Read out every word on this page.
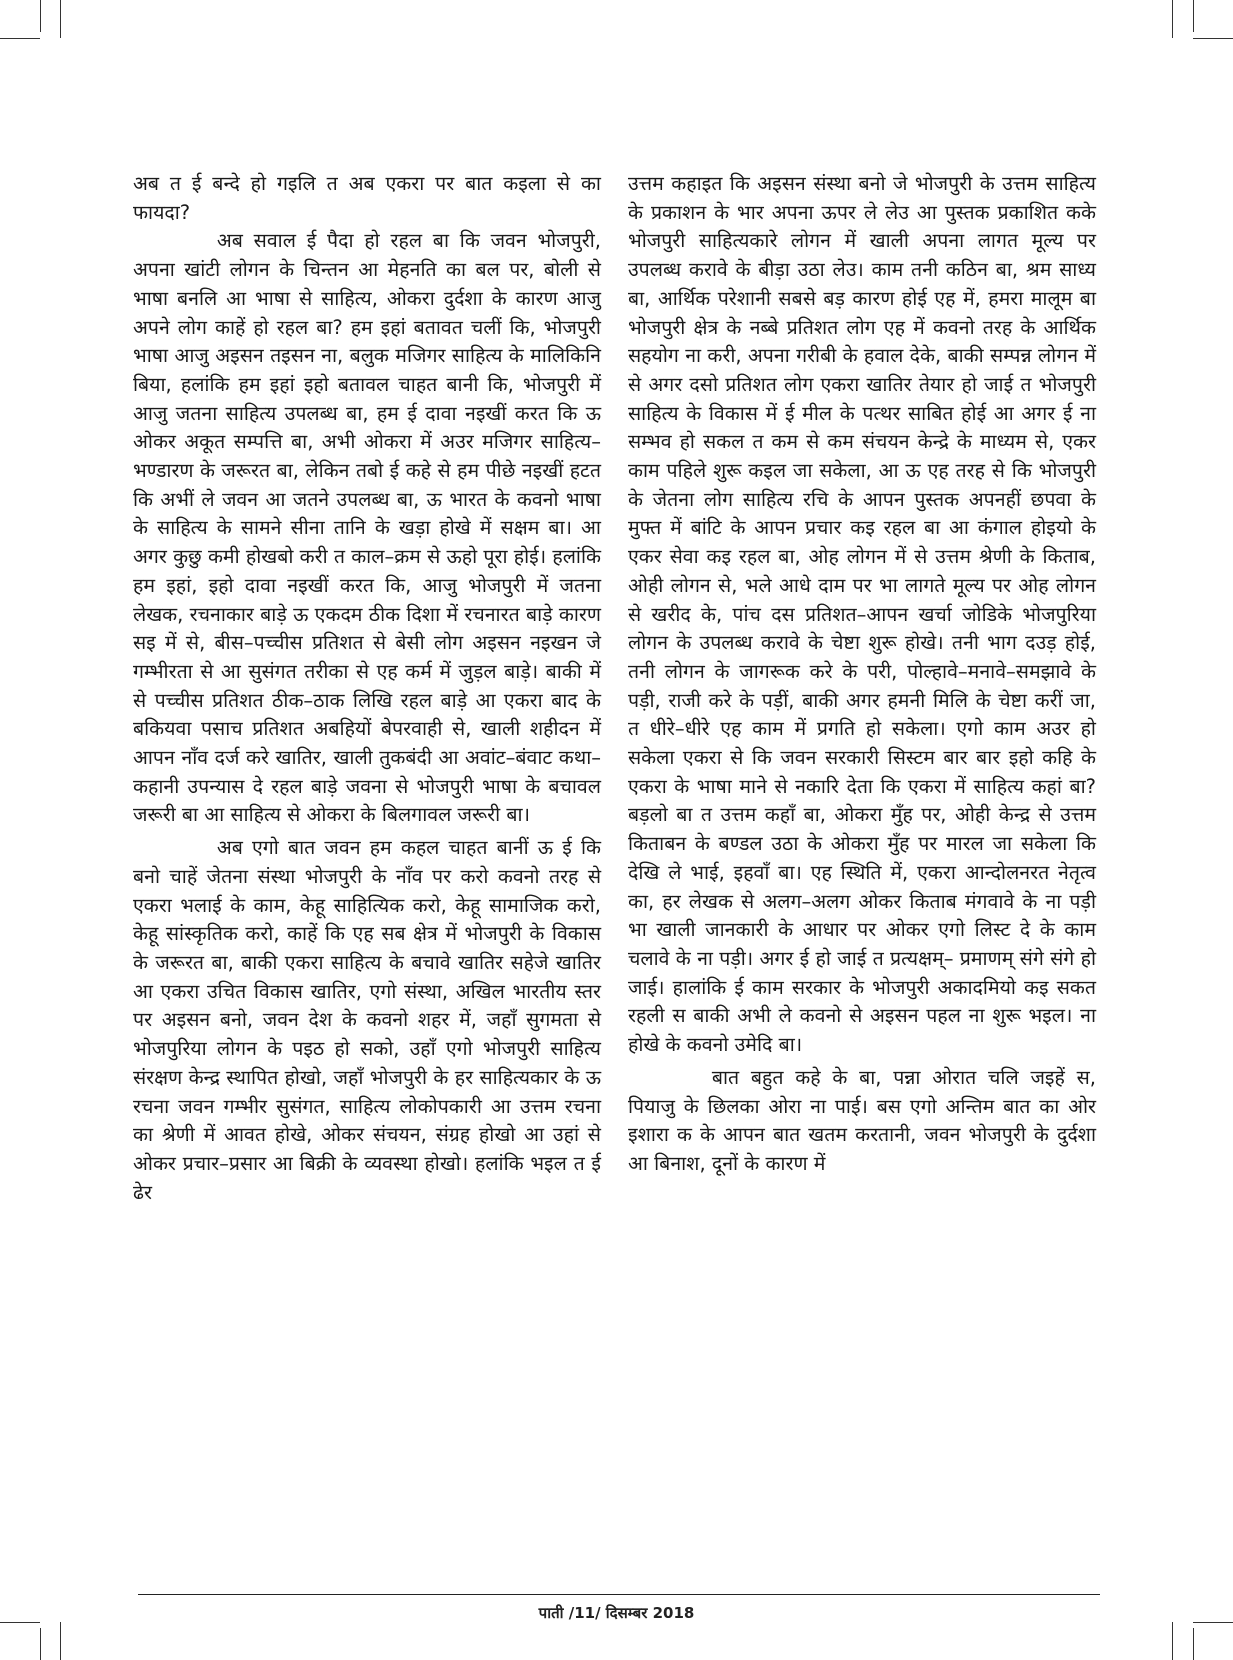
अब त ई बन्दे हो गइलि त अब एकरा पर बात कइला से का फायदा?

अब सवाल ई पैदा हो रहल बा कि जवन भोजपुरी, अपना खांटी लोगन के चिन्तन आ मेहनति का बल पर, बोली से भाषा बनलि आ भाषा से साहित्य, ओकरा दुर्दशा के कारण आजु अपने लोग काहें हो रहल बा? हम इहां बतावत चलीं कि, भोजपुरी भाषा आजु अइसन तइसन ना, बलुक मजिगर साहित्य के मालिकिनि बिया, हलांकि हम इहां इहो बतावल चाहत बानी कि, भोजपुरी में आजु जतना साहित्य उपलब्ध बा, हम ई दावा नइखीं करत कि ऊ ओकर अकूत सम्पत्ति बा, अभी ओकरा में अउर मजिगर साहित्य– भण्डारण के जरूरत बा, लेकिन तबो ई कहे से हम पीछे नइखीं हटत कि अभीं ले जवन आ जतने उपलब्ध बा, ऊ भारत के कवनो भाषा के साहित्य के सामने सीना तानि के खड़ा होखे में सक्षम बा। आ अगर कुछु कमी होखबो करी त काल–क्रम से ऊहो पूरा होई। हलांकि हम इहां, इहो दावा नइखीं करत कि, आजु भोजपुरी में जतना लेखक, रचनाकार बाड़े ऊ एकदम ठीक दिशा में रचनारत बाड़े कारण सइ में से, बीस–पच्चीस प्रतिशत से बेसी लोग अइसन नइखन जे गम्भीरता से आ सुसंगत तरीका से एह कर्म में जुड़ल बाड़े। बाकी में से पच्चीस प्रतिशत ठीक–ठाक लिखि रहल बाड़े आ एकरा बाद के बकियवा पसाच प्रतिशत अबहियों बेपरवाही से, खाली शहीदन में आपन नाँव दर्ज करे खातिर, खाली तुकबंदी आ अवांट–बंवाट कथा–कहानी उपन्यास दे रहल बाड़े जवना से भोजपुरी भाषा के बचावल जरूरी बा आ साहित्य से ओकरा के बिलगावल जरूरी बा।

अब एगो बात जवन हम कहल चाहत बानीं ऊ ई कि बनो चाहें जेतना संस्था भोजपुरी के नाँव पर करो कवनो तरह से एकरा भलाई के काम, केहू साहित्यिक करो, केहू सामाजिक करो, केहू सांस्कृतिक करो, काहें कि एह सब क्षेत्र में भोजपुरी के विकास के जरूरत बा, बाकी एकरा साहित्य के बचावे खातिर सहेजे खातिर आ एकरा उचित विकास खातिर, एगो संस्था, अखिल भारतीय स्तर पर अइसन बनो, जवन देश के कवनो शहर में, जहाँ सुगमता से भोजपुरिया लोगन के पइठ हो सको, उहाँ एगो भोजपुरी साहित्य संरक्षण केन्द्र स्थापित होखो, जहाँ भोजपुरी के हर साहित्यकार के ऊ रचना जवन गम्भीर सुसंगत, साहित्य लोकोपकारी आ उत्तम रचना का श्रेणी में आवत होखे, ओकर संचयन, संग्रह होखो आ उहां से ओकर प्रचार–प्रसार आ बिक्री के व्यवस्था होखो। हलांकि भइल त ई ढेर

उत्तम कहाइत कि अइसन संस्था बनो जे भोजपुरी के उत्तम साहित्य के प्रकाशन के भार अपना ऊपर ले लेउ आ पुस्तक प्रकाशित कके भोजपुरी साहित्यकारे लोगन में खाली अपना लागत मूल्य पर उपलब्ध करावे के बीड़ा उठा लेउ। काम तनी कठिन बा, श्रम साध्य बा, आर्थिक परेशानी सबसे बड़ कारण होई एह में, हमरा मालूम बा भोजपुरी क्षेत्र के नब्बे प्रतिशत लोग एह में कवनो तरह के आर्थिक सहयोग ना करी, अपना गरीबी के हवाल देके, बाकी सम्पन्न लोगन में से अगर दसो प्रतिशत लोग एकरा खातिर तेयार हो जाई त भोजपुरी साहित्य के विकास में ई मील के पत्थर साबित होई आ अगर ई ना सम्भव हो सकल त कम से कम संचयन केन्द्रे के माध्यम से, एकर काम पहिले शुरू कइल जा सकेला, आ ऊ एह तरह से कि भोजपुरी के जेतना लोग साहित्य रचि के आपन पुस्तक अपनहीं छपवा के मुफ्त में बांटि के आपन प्रचार कइ रहल बा आ कंगाल होइयो के एकर सेवा कइ रहल बा, ओह लोगन में से उत्तम श्रेणी के किताब, ओही लोगन से, भले आधे दाम पर भा लागते मूल्य पर ओह लोगन से खरीद के, पांच दस प्रतिशत–आपन खर्चा जोडिके भोजपुरिया लोगन के उपलब्ध करावे के चेष्टा शुरू होखे। तनी भाग दउड़ होई, तनी लोगन के जागरूक करे के परी, पोल्हावे–मनावे–समझावे के पड़ी, राजी करे के पड़ीं, बाकी अगर हमनी मिलि के चेष्टा करीं जा, त धीरे–धीरे एह काम में प्रगति हो सकेला। एगो काम अउर हो सकेला एकरा से कि जवन सरकारी सिस्टम बार बार इहो कहि के एकरा के भाषा माने से नकारि देता कि एकरा में साहित्य कहां बा? बड़लो बा त उत्तम कहाँ बा, ओकरा मुँह पर, ओही केन्द्र से उत्तम किताबन के बण्डल उठा के ओकरा मुँह पर मारल जा सकेला कि देखि ले भाई, इहवाँ बा। एह स्थिति में, एकरा आन्दोलनरत नेतृत्व का, हर लेखक से अलग–अलग ओकर किताब मंगवावे के ना पड़ी भा खाली जानकारी के आधार पर ओकर एगो लिस्ट दे के काम चलावे के ना पड़ी। अगर ई हो जाई त प्रत्यक्षम्– प्रमाणम् संगे संगे हो जाई। हालांकि ई काम सरकार के भोजपुरी अकादमियो कइ सकत रहली स बाकी अभी ले कवनो से अइसन पहल ना शुरू भइल। ना होखे के कवनो उमेदि बा।

बात बहुत कहे के बा, पन्ना ओरात चलि जइहें स, पियाजु के छिलका ओरा ना पाई। बस एगो अन्तिम बात का ओर इशारा क के आपन बात खतम करतानी, जवन भोजपुरी के दुर्दशा आ बिनाश, दूनों के कारण में

पाती /11/ दिसम्बर 2018
